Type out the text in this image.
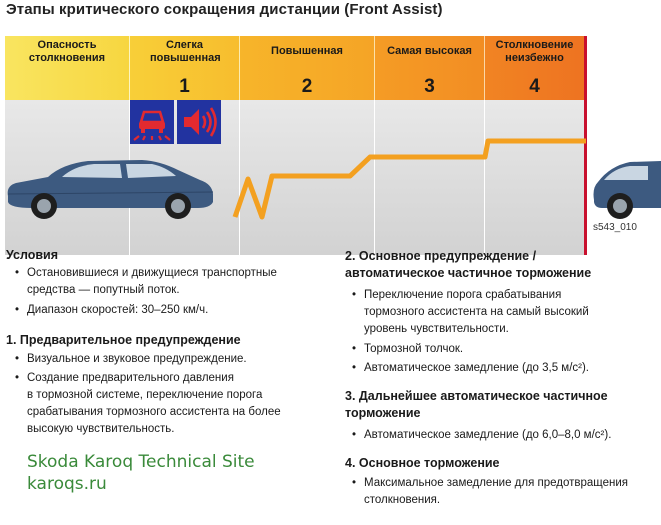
Этапы критического сокращения дистанции (Front Assist)
Опасность столкновения
Слегка повышенная
1
Повышенная
2
Самая высокая
3
Столкновение неизбежно
4
s543_010
Условия
• Остановившиеся и движущиеся транспортные
средства — попутный поток.
• Диапазон скоростей: 30–250 км/ч.
1. Предварительное предупреждение
• Визуальное и звуковое предупреждение.
• Создание предварительного давления
в тормозной системе, переключение порога
срабатывания тормозного ассистента на более
высокую чувствительность.
Skoda Karoq Technical Site
karoqs.ru
2. Основное предупреждение /
автоматическое частичное торможение
• Переключение порога срабатывания
тормозного ассистента на самый высокий
уровень чувствительности.
• Тормозной толчок.
• Автоматическое замедление (до 3,5 м/с²).
3. Дальнейшее автоматическое частичное
торможение
• Автоматическое замедление (до 6,0–8,0 м/с²).
4. Основное торможение
• Максимальное замедление для предотвращения
столкновения.
